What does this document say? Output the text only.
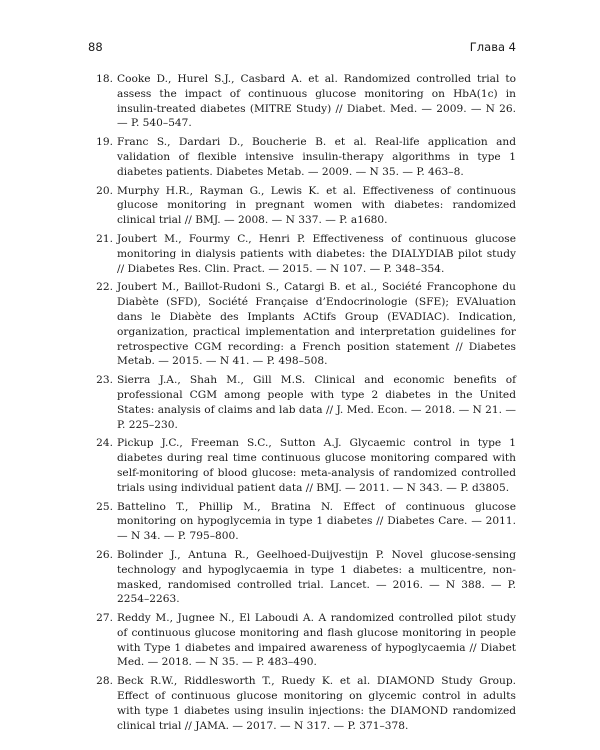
88	Глава 4
18. Cooke D., Hurel S.J., Casbard A. et al. Randomized controlled trial to assess the impact of continuous glucose monitoring on HbA(1c) in insulin-treated diabetes (MITRE Study) // Diabet. Med. — 2009. — N 26. — P. 540–547.
19. Franc S., Dardari D., Boucherie B. et al. Real-life application and validation of flexible intensive insulin-therapy algorithms in type 1 diabetes patients. Diabetes Metab. — 2009. — N 35. — P. 463–8.
20. Murphy H.R., Rayman G., Lewis K. et al. Effectiveness of continuous glucose monitoring in pregnant women with diabetes: randomized clinical trial // BMJ. — 2008. — N 337. — P. a1680.
21. Joubert M., Fourmy C., Henri P. Effectiveness of continuous glucose monitoring in dialysis patients with diabetes: the DIALYDIAB pilot study // Diabetes Res. Clin. Pract. — 2015. — N 107. — P. 348–354.
22. Joubert M., Baillot-Rudoni S., Catargi B. et al., Société Francophone du Diabète (SFD), Société Française d’Endocrinologie (SFE); EVAluation dans le Diabète des Implants ACtifs Group (EVADIAC). Indication, organization, practical implementation and interpretation guidelines for retrospective CGM recording: a French position statement // Diabetes Metab. — 2015. — N 41. — P. 498–508.
23. Sierra J.A., Shah M., Gill M.S. Clinical and economic benefits of professional CGM among people with type 2 diabetes in the United States: analysis of claims and lab data // J. Med. Econ. — 2018. — N 21. — P. 225–230.
24. Pickup J.C., Freeman S.C., Sutton A.J. Glycaemic control in type 1 diabetes during real time continuous glucose monitoring compared with self-monitoring of blood glucose: meta-analysis of randomized controlled trials using individual patient data // BMJ. — 2011. — N 343. — P. d3805.
25. Battelino T., Phillip M., Bratina N. Effect of continuous glucose monitoring on hypoglycemia in type 1 diabetes // Diabetes Care. — 2011. — N 34. — P. 795–800.
26. Bolinder J., Antuna R., Geelhoed-Duijvestijn P. Novel glucose-sensing technology and hypoglycaemia in type 1 diabetes: a multicentre, non-masked, randomised controlled trial. Lancet. — 2016. — N 388. — P. 2254–2263.
27. Reddy M., Jugnee N., El Laboudi A. A randomized controlled pilot study of continuous glucose monitoring and flash glucose monitoring in people with Type 1 diabetes and impaired awareness of hypoglycaemia // Diabet Med. — 2018. — N 35. — P. 483–490.
28. Beck R.W., Riddlesworth T., Ruedy K. et al. DIAMOND Study Group. Effect of continuous glucose monitoring on glycemic control in adults with type 1 diabetes using insulin injections: the DIAMOND randomized clinical trial // JAMA. — 2017. — N 317. — P. 371–378.
